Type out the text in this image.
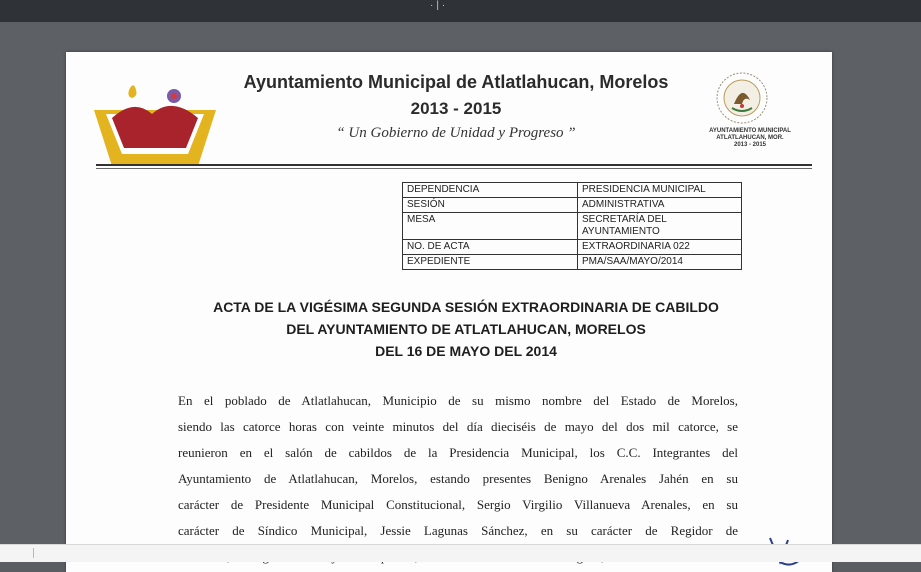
·|·
Ayuntamiento Municipal de Atlatlahucan, Morelos
2013 - 2015
“ Un Gobierno de Unidad y Progreso ”	AYUNTAMIENTO MUNICIPAL
ATLATLAHUCAN, MOR.
2013 - 2015
DEPENDENCIA	PRESIDENCIA MUNICIPAL
SESIÓN	ADMINISTRATIVA
MESA	SECRETARÍA DEL AYUNTAMIENTO
NO. DE ACTA	EXTRAORDINARIA 022
EXPEDIENTE	PMA/SAA/MAYO/2014
ACTA DE LA VIGÉSIMA SEGUNDA SESIÓN EXTRAORDINARIA DE CABILDO
DEL AYUNTAMIENTO DE ATLATLAHUCAN, MORELOS
DEL 16 DE MAYO DEL 2014
En el poblado de Atlatlahucan, Municipio de su mismo nombre del Estado de Morelos,
siendo las catorce horas con veinte minutos del día dieciséis de mayo del dos mil catorce, se
reunieron en el salón de cabildos de la Presidencia Municipal, los C.C. Integrantes del
Ayuntamiento de Atlatlahucan, Morelos, estando presentes Benigno Arenales Jahén en su
carácter de Presidente Municipal Constitucional, Sergio Virgilio Villanueva Arenales, en su
carácter de Síndico Municipal, Jessie Lagunas Sánchez, en su carácter de Regidor de
